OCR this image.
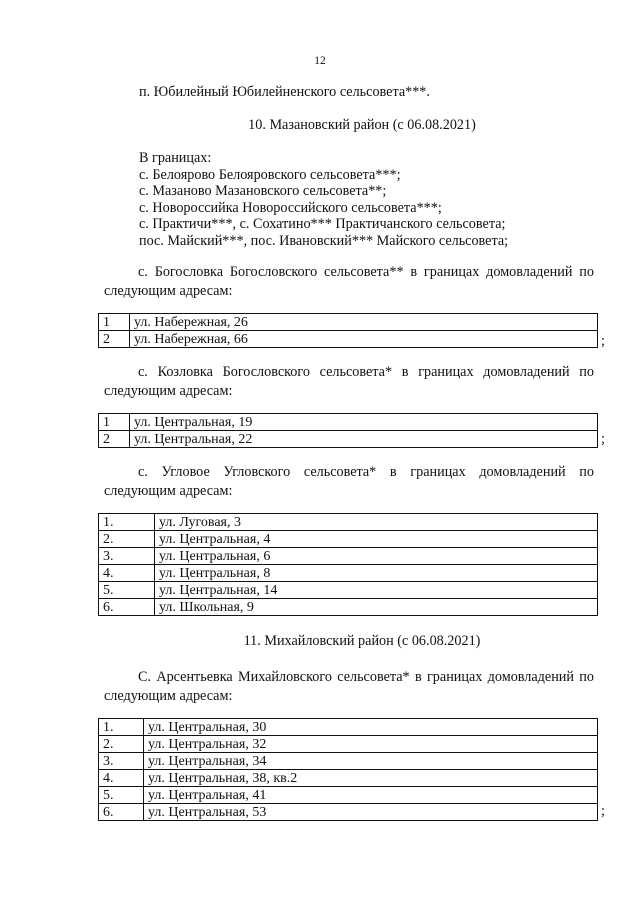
12
п. Юбилейный Юбилейненского сельсовета***.
10. Мазановский район (с 06.08.2021)
В границах:
с. Белоярово Белояровского сельсовета***;
с. Мазаново Мазановского сельсовета**;
с. Новороссийка Новороссийского сельсовета***;
с. Практичи***, с. Сохатино*** Практичанского сельсовета;
пос. Майский***, пос. Ивановский*** Майского сельсовета;

с. Богословка Богословского сельсовета** в границах домовладений по
следующим адресам:

1	ул. Набережная, 26
2	ул. Набережная, 66	;

с. Козловка Богословского сельсовета* в границах домовладений по
следующим адресам:

1	ул. Центральная, 19
2	ул. Центральная, 22	;

с. Угловое Угловского сельсовета* в границах домовладений по
следующим адресам:

1.	ул. Луговая, 3
2.	ул. Центральная, 4
3.	ул. Центральная, 6
4.	ул. Центральная, 8
5.	ул. Центральная, 14
6.	ул. Школьная, 9
11. Михайловский район (с 06.08.2021)

С. Арсентьевка Михайловского сельсовета* в границах домовладений по
следующим адресам:

1.	ул. Центральная, 30
2.	ул. Центральная, 32
3.	ул. Центральная, 34
4.	ул. Центральная, 38, кв.2
5.	ул. Центральная, 41
6.	ул. Центральная, 53	;
